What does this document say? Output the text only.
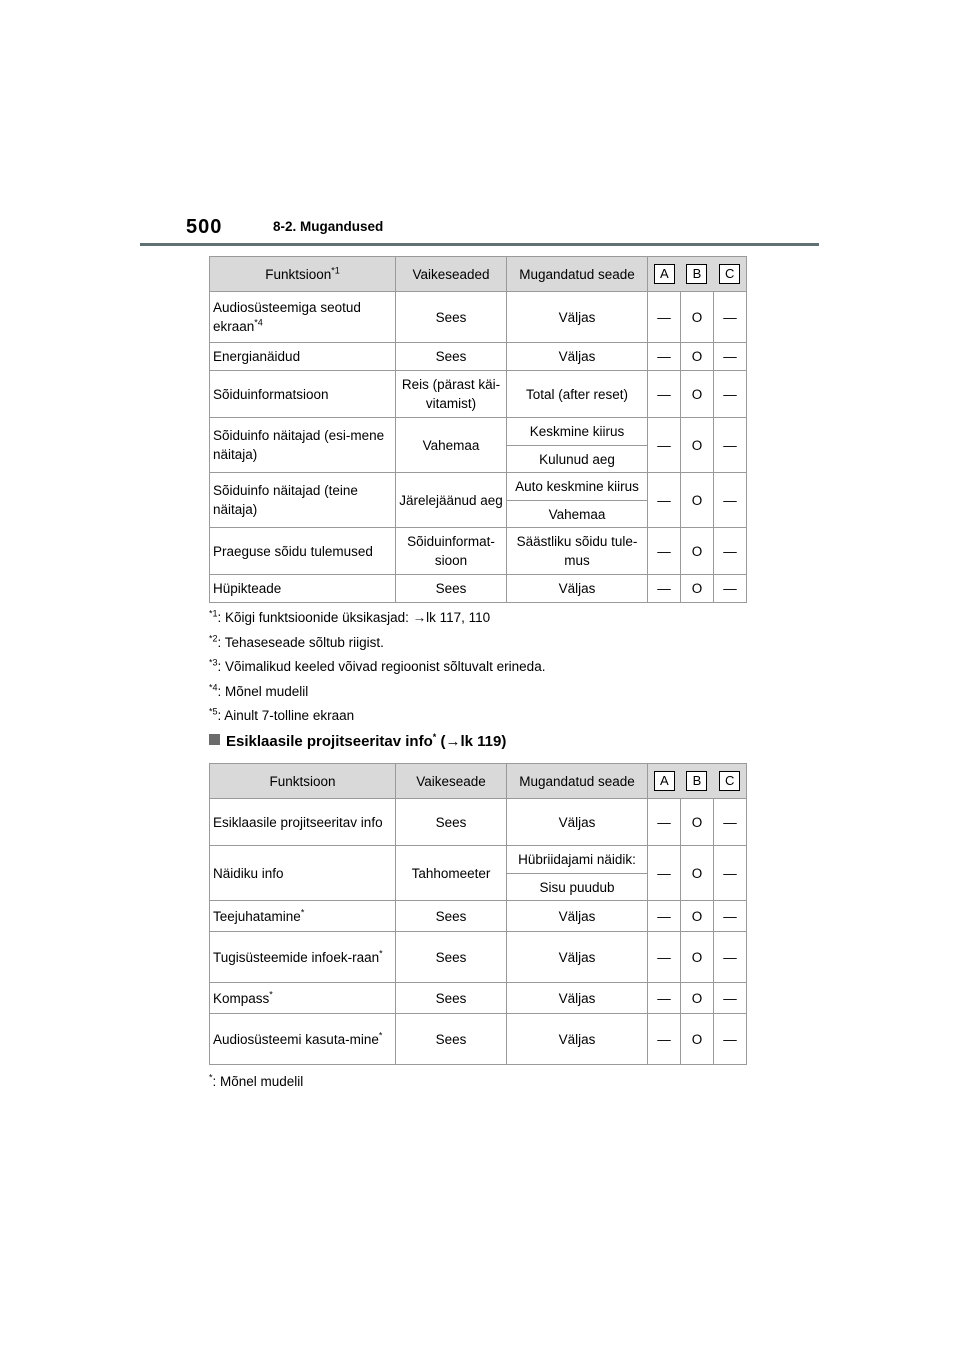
500	8-2. Mugandused
Funktsioon$^{*1}$	Vaikeseaded	Mugandatud seade	A B C		

Audiosüsteemiga seotud ekraan$^{*4}$	Sees	Väljas	—	O	—
Energianäidud	Sees	Väljas	—	O	—
Sõiduinformatsioon	Reis (pärast käi-vitamist)	Total (after reset)	—	O	—
Sõiduinfo näitajad (esi-mene näitaja)	Vahemaa	Keskmine kiirus	—	O	—
		Kulunud aeg			
Sõiduinfo näitajad (teine näitaja)	Järelejäänud aeg	Auto keskmine kiirus	—	O	—
		Vahemaa			
Praeguse sõidu tulemused	Sõiduinformat-sioon	Säästliku sõidu tule-mus	—	O	—
Hüpikteade	Sees	Väljas	—	O	—
$^{*1}$: Kõigi funktsioonide üksikasjad: →lk 117, 110
$^{*2}$: Tehaseseade sõltub riigist.
$^{*3}$: Võimalikud keeled võivad regioonist sõltuvalt erineda.
$^{*4}$: Mõnel mudelil
$^{*5}$: Ainult 7-tolline ekraan
Esiklaasile projitseeritav info* (→lk 119)
Funktsioon	Vaikeseade	Mugandatud seade	A B C		

Esiklaasile projitseeritav info	Sees	Väljas	—	O	—
Näidiku info	Tahhomeeter	Hübriidajami näidik:	—	O	—
		Sisu puudub			
Teejuhatamine*	Sees	Väljas	—	O	—
Tugisüsteemide infoek-raan*	Sees	Väljas	—	O	—
Kompass*	Sees	Väljas	—	O	—
Audiosüsteemi kasuta-mine*	Sees	Väljas	—	O	—
*: Mõnel mudelil
